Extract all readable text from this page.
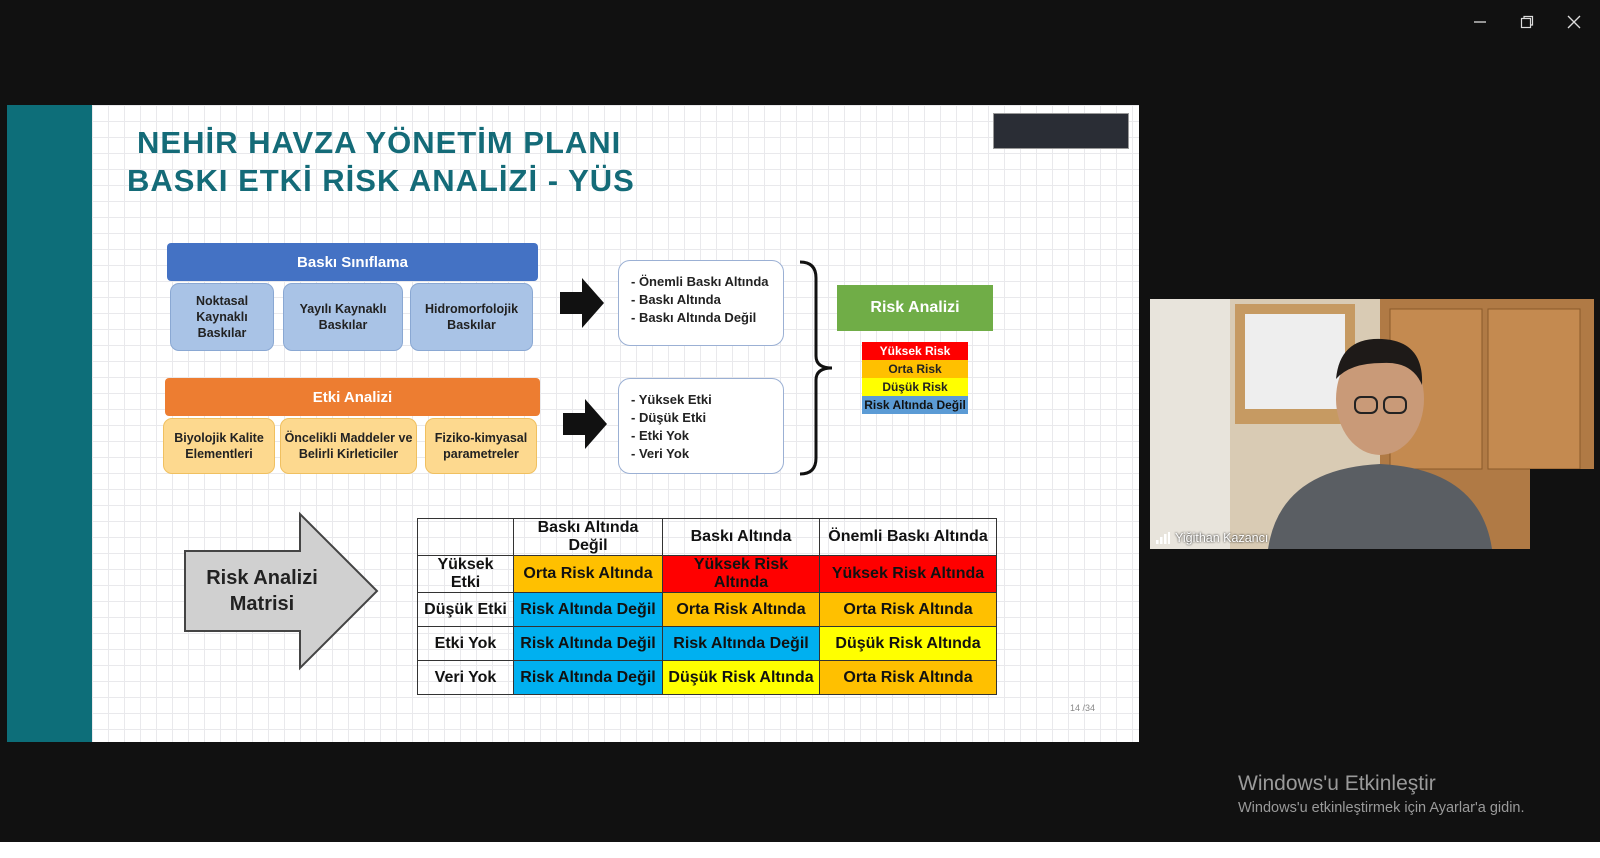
NEHİR HAVZA YÖNETİM PLANI
BASKI ETKİ RİSK ANALİZİ - YÜS
Baskı Sınıflama
Noktasal Kaynaklı Baskılar
Yayılı Kaynaklı Baskılar
Hidromorfolojik Baskılar
Etki Analizi
Biyolojik Kalite Elementleri
Öncelikli Maddeler ve Belirli Kirleticiler
Fiziko-kimyasal parametreler
- Önemli Baskı Altında
- Baskı Altında
- Baskı Altında Değil
- Yüksek Etki
- Düşük Etki
- Etki Yok
- Veri Yok
Risk Analizi
Yüksek Risk
Orta Risk
Düşük Risk
Risk Altında Değil
Risk Analizi Matrisi
	Baskı Altında Değil	Baskı Altında	Önemli Baskı Altında
Yüksek Etki	Orta Risk Altında	Yüksek Risk Altında	Yüksek Risk Altında
Düşük Etki	Risk Altında Değil	Orta Risk Altında	Orta Risk Altında
Etki Yok	Risk Altında Değil	Risk Altında Değil	Düşük Risk Altında
Veri Yok	Risk Altında Değil	Düşük Risk Altında	Orta Risk Altında
14 /34
Yiğithan Kazancı
Windows'u Etkinleştir
Windows'u etkinleştirmek için Ayarlar'a gidin.
